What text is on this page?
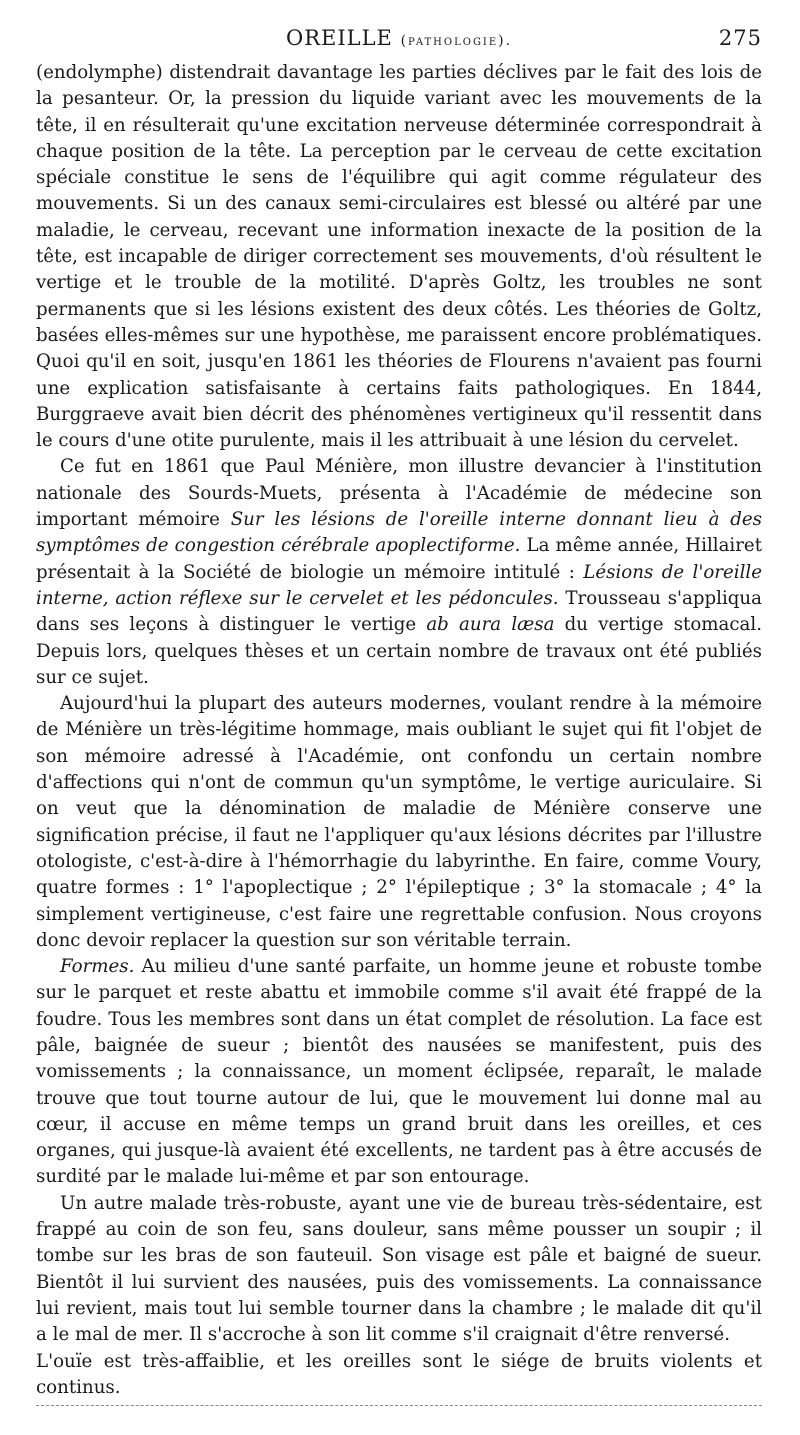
OREILLE (pathologie).	275

(endolymphe) distendrait davantage les parties déclives par le fait des lois de la pesanteur. Or, la pression du liquide variant avec les mouvements de la tête, il en résulterait qu'une excitation nerveuse déterminée correspondrait à chaque position de la tête. La perception par le cerveau de cette excitation spéciale constitue le sens de l'équilibre qui agit comme régulateur des mouvements. Si un des canaux semi-circulaires est blessé ou altéré par une maladie, le cerveau, recevant une information inexacte de la position de la tête, est incapable de diriger correctement ses mouvements, d'où résultent le vertige et le trouble de la motilité. D'après Goltz, les troubles ne sont permanents que si les lésions existent des deux côtés. Les théories de Goltz, basées elles-mêmes sur une hypothèse, me paraissent encore problématiques. Quoi qu'il en soit, jusqu'en 1861 les théories de Flourens n'avaient pas fourni une explication satisfaisante à certains faits pathologiques. En 1844, Burggraeve avait bien décrit des phénomènes vertigineux qu'il ressentit dans le cours d'une otite purulente, mais il les attribuait à une lésion du cervelet.

Ce fut en 1861 que Paul Ménière, mon illustre devancier à l'institution nationale des Sourds-Muets, présenta à l'Académie de médecine son important mémoire Sur les lésions de l'oreille interne donnant lieu à des symptômes de congestion cérébrale apoplectiforme. La même année, Hillairet présentait à la Société de biologie un mémoire intitulé : Lésions de l'oreille interne, action réflexe sur le cervelet et les pédoncules. Trousseau s'appliqua dans ses leçons à distinguer le vertige ab aura læsa du vertige stomacal. Depuis lors, quelques thèses et un certain nombre de travaux ont été publiés sur ce sujet.

Aujourd'hui la plupart des auteurs modernes, voulant rendre à la mémoire de Ménière un très-légitime hommage, mais oubliant le sujet qui fit l'objet de son mémoire adressé à l'Académie, ont confondu un certain nombre d'affections qui n'ont de commun qu'un symptôme, le vertige auriculaire. Si on veut que la dénomination de maladie de Ménière conserve une signification précise, il faut ne l'appliquer qu'aux lésions décrites par l'illustre otologiste, c'est-à-dire à l'hémorrhagie du labyrinthe. En faire, comme Voury, quatre formes : 1° l'apoplectique ; 2° l'épileptique ; 3° la stomacale ; 4° la simplement vertigineuse, c'est faire une regrettable confusion. Nous croyons donc devoir replacer la question sur son véritable terrain.

Formes. Au milieu d'une santé parfaite, un homme jeune et robuste tombe sur le parquet et reste abattu et immobile comme s'il avait été frappé de la foudre. Tous les membres sont dans un état complet de résolution. La face est pâle, baignée de sueur ; bientôt des nausées se manifestent, puis des vomissements ; la connaissance, un moment éclipsée, reparaît, le malade trouve que tout tourne autour de lui, que le mouvement lui donne mal au cœur, il accuse en même temps un grand bruit dans les oreilles, et ces organes, qui jusque-là avaient été excellents, ne tardent pas à être accusés de surdité par le malade lui-même et par son entourage.

Un autre malade très-robuste, ayant une vie de bureau très-sédentaire, est frappé au coin de son feu, sans douleur, sans même pousser un soupir ; il tombe sur les bras de son fauteuil. Son visage est pâle et baigné de sueur. Bientôt il lui survient des nausées, puis des vomissements. La connaissance lui revient, mais tout lui semble tourner dans la chambre ; le malade dit qu'il a le mal de mer. Il s'accroche à son lit comme s'il craignait d'être renversé.

L'ouïe est très-affaiblie, et les oreilles sont le siége de bruits violents et continus.
